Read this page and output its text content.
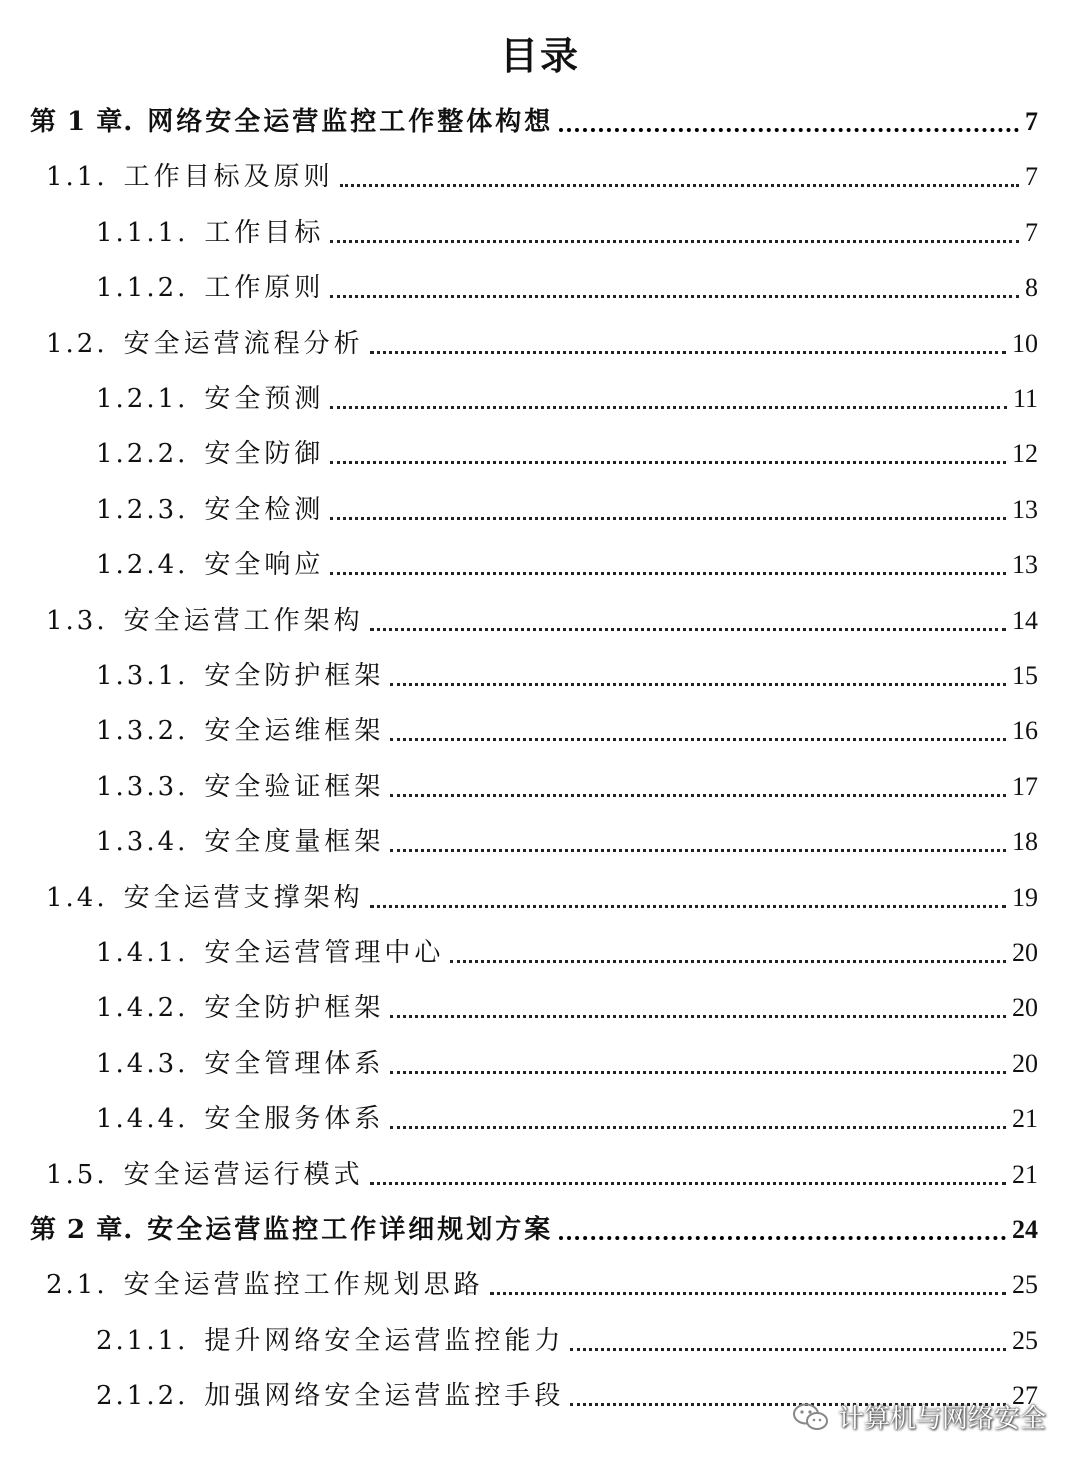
目录
第 1 章. 网络安全运营监控工作整体构想	7
1.1. 工作目标及原则	7
1.1.1. 工作目标	7
1.1.2. 工作原则	8
1.2. 安全运营流程分析	10
1.2.1. 安全预测	11
1.2.2. 安全防御	12
1.2.3. 安全检测	13
1.2.4. 安全响应	13
1.3. 安全运营工作架构	14
1.3.1. 安全防护框架	15
1.3.2. 安全运维框架	16
1.3.3. 安全验证框架	17
1.3.4. 安全度量框架	18
1.4. 安全运营支撑架构	19
1.4.1. 安全运营管理中心	20
1.4.2. 安全防护框架	20
1.4.3. 安全管理体系	20
1.4.4. 安全服务体系	21
1.5. 安全运营运行模式	21
第 2 章. 安全运营监控工作详细规划方案	24
2.1. 安全运营监控工作规划思路	25
2.1.1. 提升网络安全运营监控能力	25
2.1.2. 加强网络安全运营监控手段	27
计算机与网络安全
